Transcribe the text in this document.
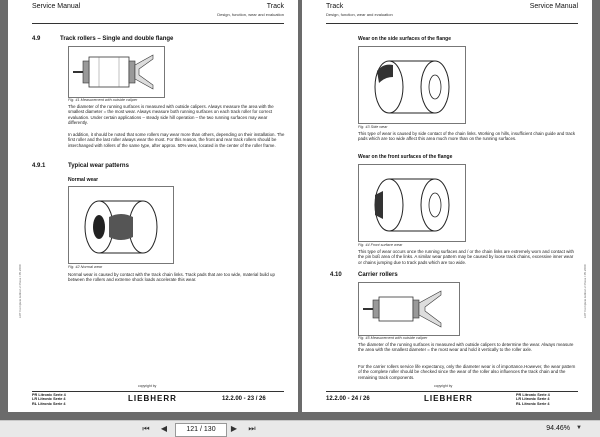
Service Manual	Track
Design, function, wear and evaluation
4.9	Track rollers – Single and double flange
Fig. 41 Measurement with outside caliper

The diameter of the running surfaces is measured with outside calipers. Always measure the area with the smallest diameter = the most wear. Always measure both running surfaces on each track roller for correct evaluation. Under certain applications – steady side hill operation – the two running surfaces may wear differently.

In addition, it should be noted that some rollers may wear more than others, depending on their installation. The first roller and the last roller always wear the most. For this reason, the front and rear track rollers should be interchanged with rollers of the same type, after approx. 50% wear, located in the center of the roller frame.

4.9.1	Typical wear patterns
Normal wear
Fig. 42 Normal wear

Normal wear is caused by contact with the track chain links. Track pads that are too wide, material build up between the rollers and extreme shock loads accelerate this wear.

LRT Complete Edition 2 Press / 05.2000
copyright by
LIEBHERR	12.2.00 - 23 / 26
PR Litronic Serie 4
LR Litronic Serie 4
RL Litronic Serie 4
Track
Design, function, wear and evaluation
Service Manual
Wear on the side surfaces of the flange
Fig. 43 Side wear

This type of wear is caused by side contact of the chain links. Working on hills, insufficient chain guide and track pads which are too wide affect this area much more than on the running surfaces.

Wear on the front surfaces of the flange
Fig. 44 Front surface wear

This type of wear occurs once the running surfaces and / or the chain links are extremely worn and contact with the pin boß area of the links. A similar wear pattern may be caused by loose track chains, excessive inner wear or chains jumping due to track pads which are too wide.

4.10	Carrier rollers
Fig. 45 Measurement with outside caliper

The diameter of the running surfaces is measured with outside calipers to determine the wear. Always measure the area with the smallest diameter = the most wear and hold it vertically to the roller axle.

For the carrier rollers service life expectancy, only the diameter wear is of importance.However, the wear pattern of the complete roller should be checked since the wear of the roller also influences the track chain and the remaining track components.

LRT Complete Edition 2 Press / 05.2000
12.2.00 - 24 / 26
copyright by
LIEBHERR	PR Litronic Serie 4
LR Litronic Serie 4
RL Litronic Serie 4
⏮	◀
121 / 130	▶	⏭	94.46%	▼
